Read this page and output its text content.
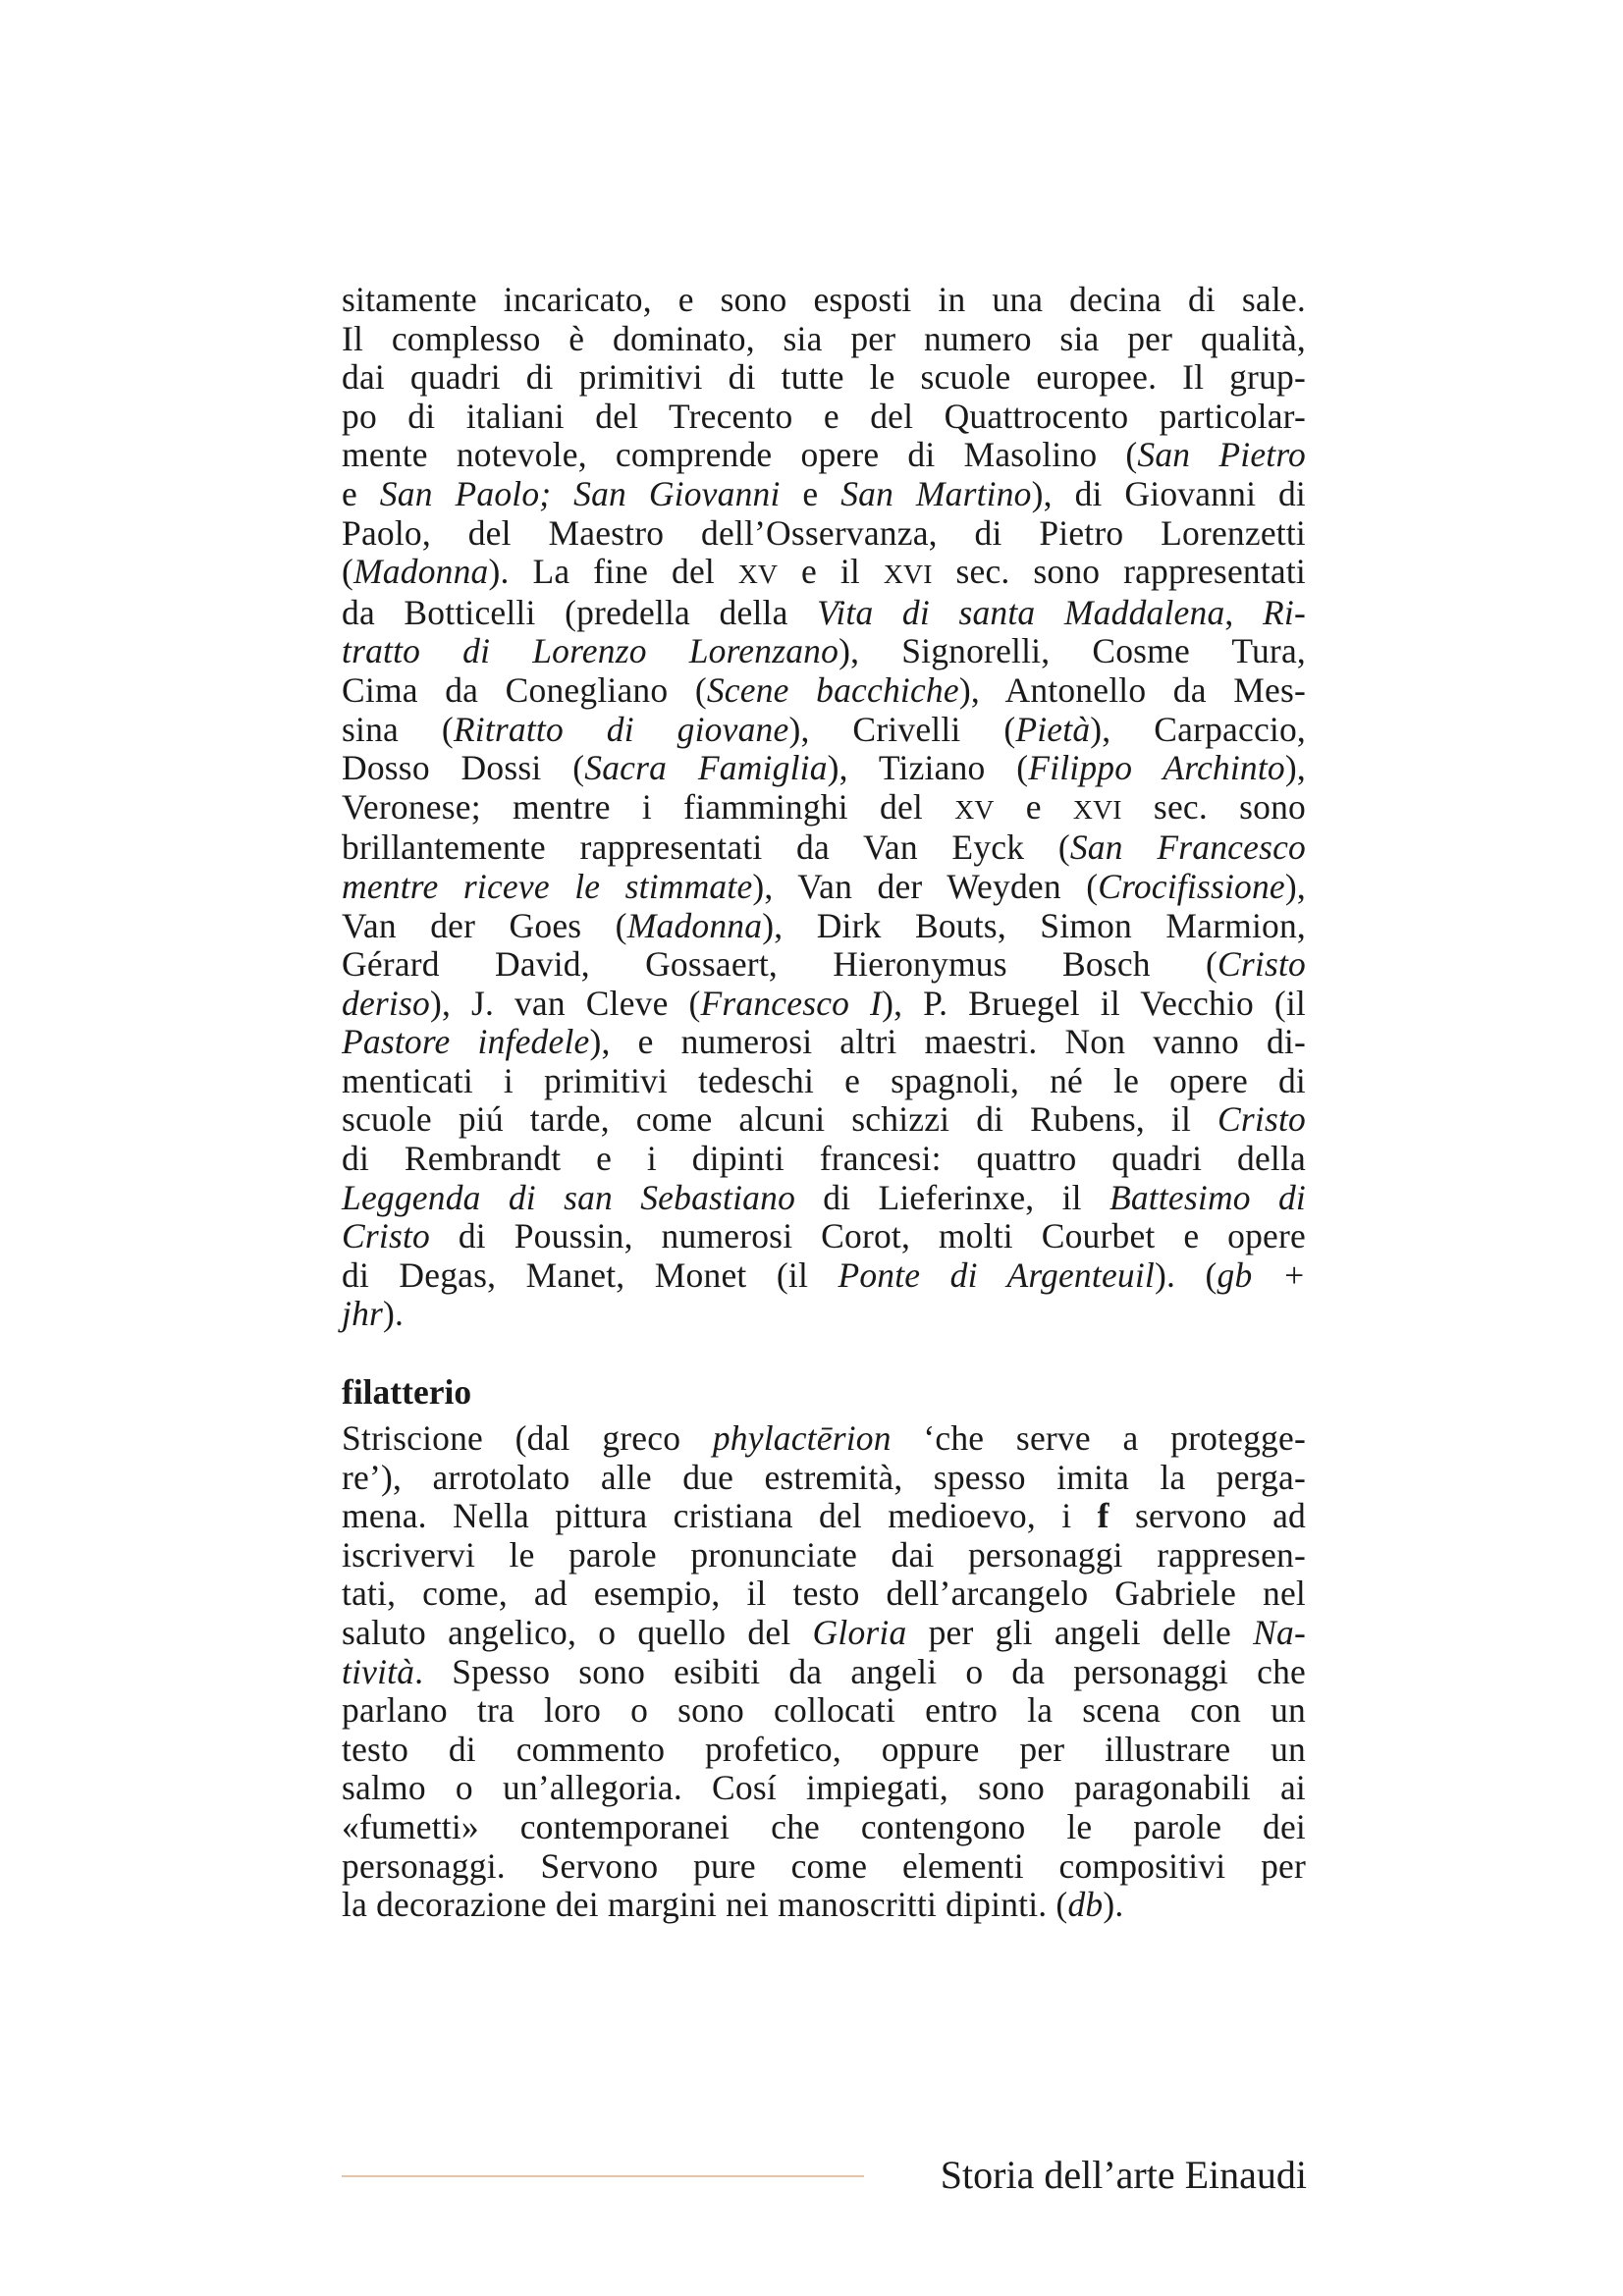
sitamente incaricato, e sono esposti in una decina di sale.
Il complesso è dominato, sia per numero sia per qualità,
dai quadri di primitivi di tutte le scuole europee. Il grup-
po di italiani del Trecento e del Quattrocento particolar-
mente notevole, comprende opere di Masolino (San Pietro
e San Paolo; San Giovanni e San Martino), di Giovanni di
Paolo, del Maestro dell’Osservanza, di Pietro Lorenzetti
(Madonna). La fine del XV e il XVI sec. sono rappresentati
da Botticelli (predella della Vita di santa Maddalena, Ri-
tratto di Lorenzo Lorenzano), Signorelli, Cosme Tura,
Cima da Conegliano (Scene bacchiche), Antonello da Mes-
sina (Ritratto di giovane), Crivelli (Pietà), Carpaccio,
Dosso Dossi (Sacra Famiglia), Tiziano (Filippo Archinto),
Veronese; mentre i fiamminghi del XV e XVI sec. sono
brillantemente rappresentati da Van Eyck (San Francesco
mentre riceve le stimmate), Van der Weyden (Crocifissione),
Van der Goes (Madonna), Dirk Bouts, Simon Marmion,
Gérard David, Gossaert, Hieronymus Bosch (Cristo
deriso), J. van Cleve (Francesco I), P. Bruegel il Vecchio (il
Pastore infedele), e numerosi altri maestri. Non vanno di-
menticati i primitivi tedeschi e spagnoli, né le opere di
scuole piú tarde, come alcuni schizzi di Rubens, il Cristo
di Rembrandt e i dipinti francesi: quattro quadri della
Leggenda di san Sebastiano di Lieferinxe, il Battesimo di
Cristo di Poussin, numerosi Corot, molti Courbet e opere
di Degas, Manet, Monet (il Ponte di Argenteuil). (gb +
jhr).
filatterio
Striscione (dal greco phylactērion ‘che serve a protegge-
re’), arrotolato alle due estremità, spesso imita la perga-
mena. Nella pittura cristiana del medioevo, i f servono ad
iscrivervi le parole pronunciate dai personaggi rappresen-
tati, come, ad esempio, il testo dell’arcangelo Gabriele nel
saluto angelico, o quello del Gloria per gli angeli delle Na-
tività. Spesso sono esibiti da angeli o da personaggi che
parlano tra loro o sono collocati entro la scena con un
testo di commento profetico, oppure per illustrare un
salmo o un’allegoria. Cosí impiegati, sono paragonabili ai
«fumetti» contemporanei che contengono le parole dei
personaggi. Servono pure come elementi compositivi per
la decorazione dei margini nei manoscritti dipinti. (db).
Storia dell’arte Einaudi
